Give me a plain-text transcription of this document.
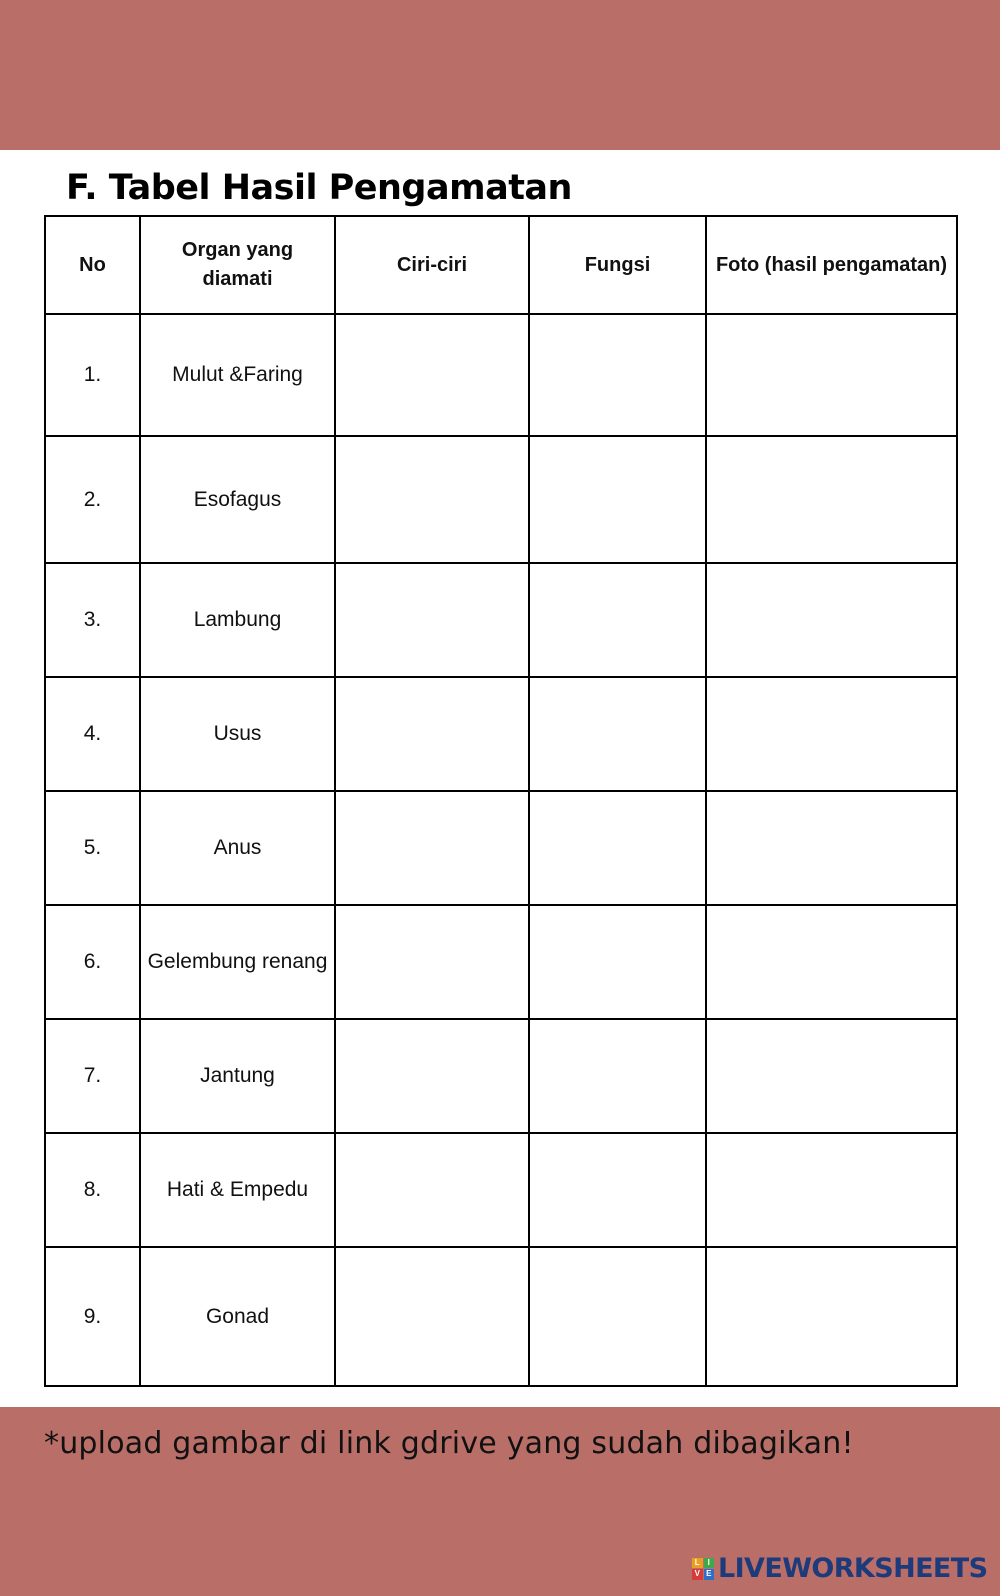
F. Tabel Hasil Pengamatan
No	Organ yang diamati	Ciri-ciri	Fungsi	Foto (hasil pengamatan)
1.	Mulut &Faring			
2.	Esofagus			
3.	Lambung			
4.	Usus			
5.	Anus			
6.	Gelembung renang			
7.	Jantung			
8.	Hati & Empedu			
9.	Gonad			
*upload gambar di link gdrive yang sudah dibagikan!
L I
V E LIVEWORKSHEETS
